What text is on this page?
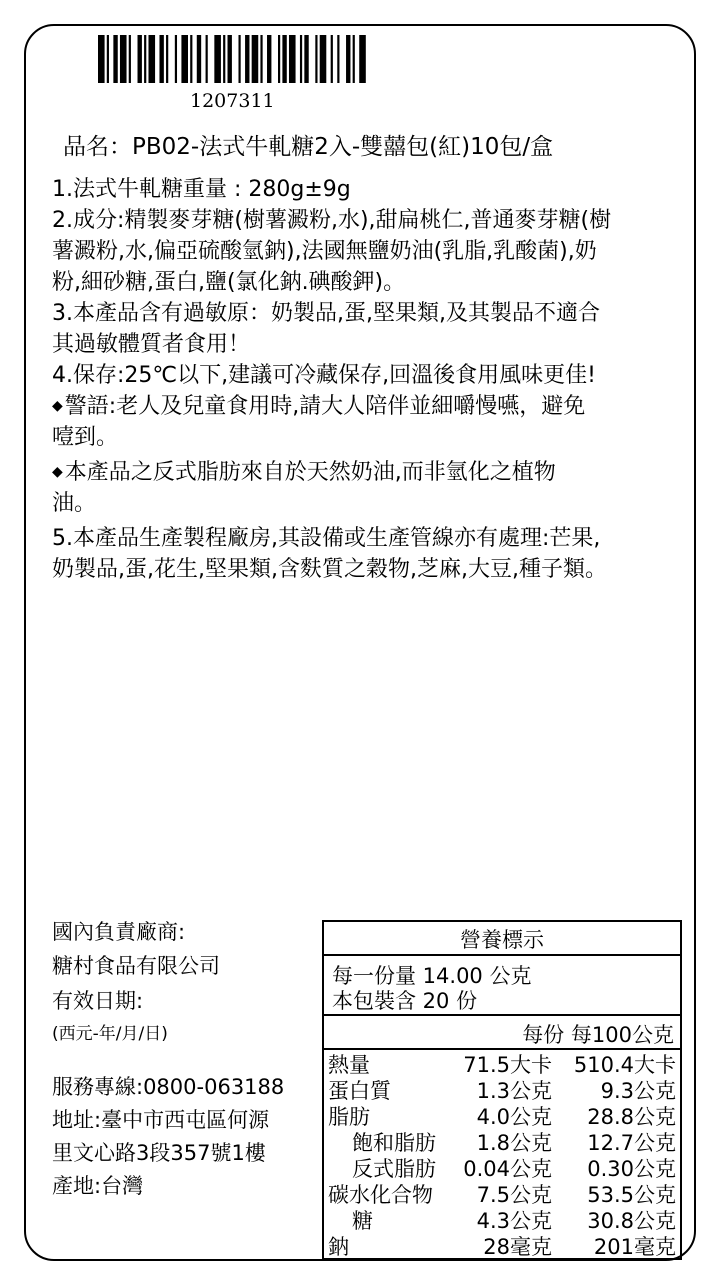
1207311
品名：PB02-法式牛軋糖2入-雙囍包(紅)10包/盒
1.法式牛軋糖重量 : 280g±9g
2.成分:精製麥芽糖(樹薯澱粉,水),甜扁桃仁,普通麥芽糖(樹
薯澱粉,水,偏亞硫酸氫鈉),法國無鹽奶油(乳脂,乳酸菌),奶
粉,細砂糖,蛋白,鹽(氯化鈉.碘酸鉀)。
3.本產品含有過敏原：奶製品,蛋,堅果類,及其製品不適合
其過敏體質者食用！
4.保存:25℃以下,建議可冷藏保存,回溫後食用風味更佳!
◆警語:老人及兒童食用時,請大人陪伴並細嚼慢嚥，避免
噎到。
◆本產品之反式脂肪來自於天然奶油,而非氫化之植物
油。
5.本產品生產製程廠房,其設備或生產管線亦有處理:芒果,
奶製品,蛋,花生,堅果類,含麩質之穀物,芝麻,大豆,種子類。
國內負責廠商:
糖村食品有限公司
有效日期:
(西元-年/月/日)
服務專線:0800-063188
地址:臺中市西屯區何源
里文心路3段357號1樓
產地:台灣
營養標示
每一份量 14.00 公克
本包裝含 20 份
每份 每100公克
熱量	71.5大卡 510.4大卡
蛋白質	1.3公克 9.3公克
脂肪	4.0公克 28.8公克
飽和脂肪 1.8公克 12.7公克
反式脂肪 0.04公克 0.30公克
碳水化合物 7.5公克 53.5公克
糖	4.3公克 30.8公克
鈉	28毫克 201毫克
